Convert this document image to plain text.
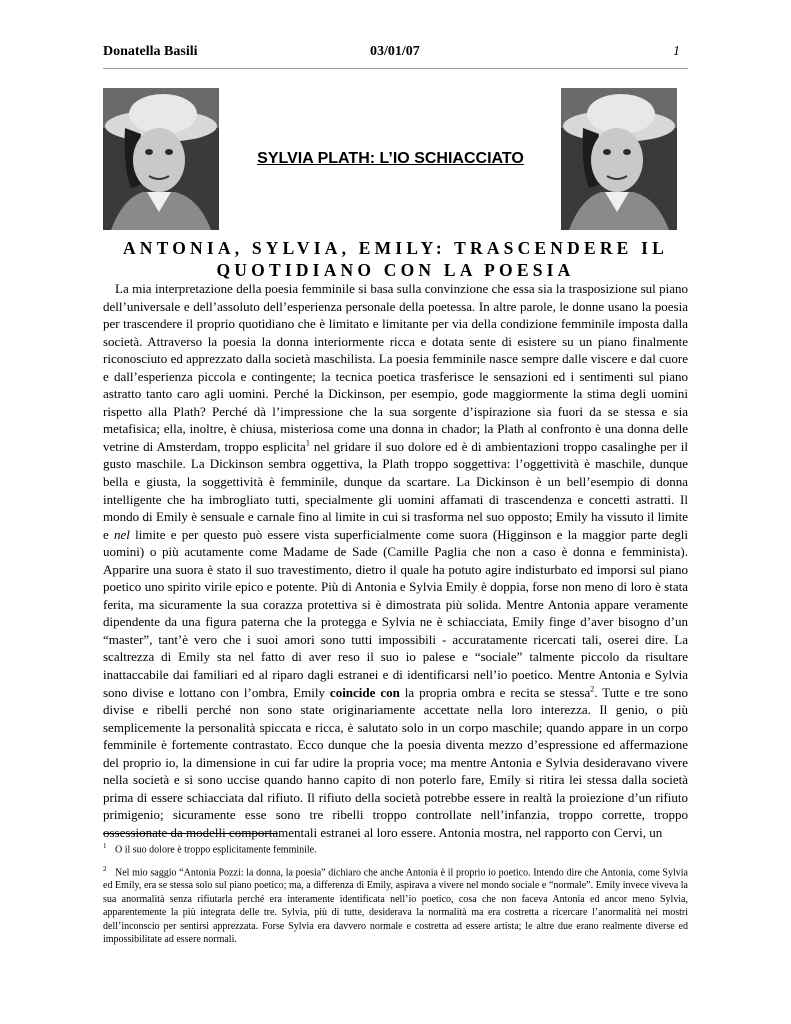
Donatella Basili	03/01/07	1
SYLVIA PLATH: L’IO SCHIACCIATO
ANTONIA, SYLVIA, EMILY: TRASCENDERE IL
QUOTIDIANO CON LA POESIA
La mia interpretazione della poesia femminile si basa sulla convinzione che essa sia la trasposizione sul piano dell’universale e dell’assoluto dell’esperienza personale della poetessa. In altre parole, le donne usano la poesia per trascendere il proprio quotidiano che è limitato e limitante per via della condizione femminile imposta dalla società. Attraverso la poesia la donna interiormente ricca e dotata sente di esistere su un piano finalmente riconosciuto ed apprezzato dalla società maschilista. La poesia femminile nasce sempre dalle viscere e dal cuore e dall’esperienza piccola e contingente; la tecnica poetica trasferisce le sensazioni ed i sentimenti sul piano astratto tanto caro agli uomini. Perché la Dickinson, per esempio, gode maggiormente la stima degli uomini rispetto alla Plath? Perché dà l’impressione che la sua sorgente d’ispirazione sia fuori da se stessa e sia metafisica; ella, inoltre, è chiusa, misteriosa come una donna in chador; la Plath al confronto è una donna delle vetrine di Amsterdam, troppo esplicita$^1$ nel gridare il suo dolore ed è di ambientazioni troppo casalinghe per il gusto maschile. La Dickinson sembra oggettiva, la Plath troppo soggettiva: l’oggettività è maschile, dunque bella e giusta, la soggettività è femminile, dunque da scartare. La Dickinson è un bell’esempio di donna intelligente che ha imbrogliato tutti, specialmente gli uomini affamati di trascendenza e concetti astratti. Il mondo di Emily è sensuale e carnale fino al limite in cui si trasforma nel suo opposto; Emily ha vissuto il limite e nel limite e per questo può essere vista superficialmente come suora (Higginson e la maggior parte degli uomini) o più acutamente come Madame de Sade (Camille Paglia che non a caso è donna e femminista). Apparire una suora è stato il suo travestimento, dietro il quale ha potuto agire indisturbato ed imporsi sul piano poetico uno spirito virile epico e potente. Più di Antonia e Sylvia Emily è doppia, forse non meno di loro è stata ferita, ma sicuramente la sua corazza protettiva si è dimostrata più solida. Mentre Antonia appare veramente dipendente da una figura paterna che la protegga e Sylvia ne è schiacciata, Emily finge d’aver bisogno d’un “master”, tant’è vero che i suoi amori sono tutti impossibili - accuratamente ricercati tali, oserei dire. La scaltrezza di Emily sta nel fatto di aver reso il suo io palese e “sociale” talmente piccolo da risultare inattaccabile dai familiari ed al riparo dagli estranei e di identificarsi nell’io poetico. Mentre Antonia e Sylvia sono divise e lottano con l’ombra, Emily coincide con la propria ombra e recita se stessa$^2$. Tutte e tre sono divise e ribelli perché non sono state originariamente accettate nella loro interezza. Il genio, o più semplicemente la personalità spiccata e ricca, è salutato solo in un corpo maschile; quando appare in un corpo femminile è fortemente contrastato. Ecco dunque che la poesia diventa mezzo d’espressione ed affermazione del proprio io, la dimensione in cui far udire la propria voce; ma mentre Antonia e Sylvia desideravano vivere nella società e si sono uccise quando hanno capito di non poterlo fare, Emily si ritira lei stessa dalla società prima di essere schiacciata dal rifiuto. Il rifiuto della società potrebbe essere in realtà la proiezione d’un rifiuto primigenio; sicuramente esse sono tre ribelli troppo controllate nell’infanzia, troppo corrette, troppo ossessionate da modelli comportamentali estranei al loro essere. Antonia mostra, nel rapporto con Cervi, un
$^1$ O il suo dolore è troppo esplicitamente femminile.
$^2$ Nel mio saggio “Antonia Pozzi: la donna, la poesia” dichiaro che anche Antonia è il proprio io poetico. Intendo dire che Antonia, come Sylvia ed Emily, era se stessa solo sul piano poetico; ma, a differenza di Emily, aspirava a vivere nel mondo sociale e “normale”. Emily invece viveva la sua anormalità senza rifiutarla perché era interamente identificata nell’io poetico, cosa che non faceva Antonia ed ancor meno Sylvia, apparentemente la più integrata delle tre. Sylvia, più di tutte, desiderava la normalità ma era costretta a ricercare l’anormalità nei mostri dell’inconscio per sentirsi apprezzata. Forse Sylvia era davvero normale e costretta ad essere artista; le altre due erano realmente diverse ed impossibilitate ad essere normali.
